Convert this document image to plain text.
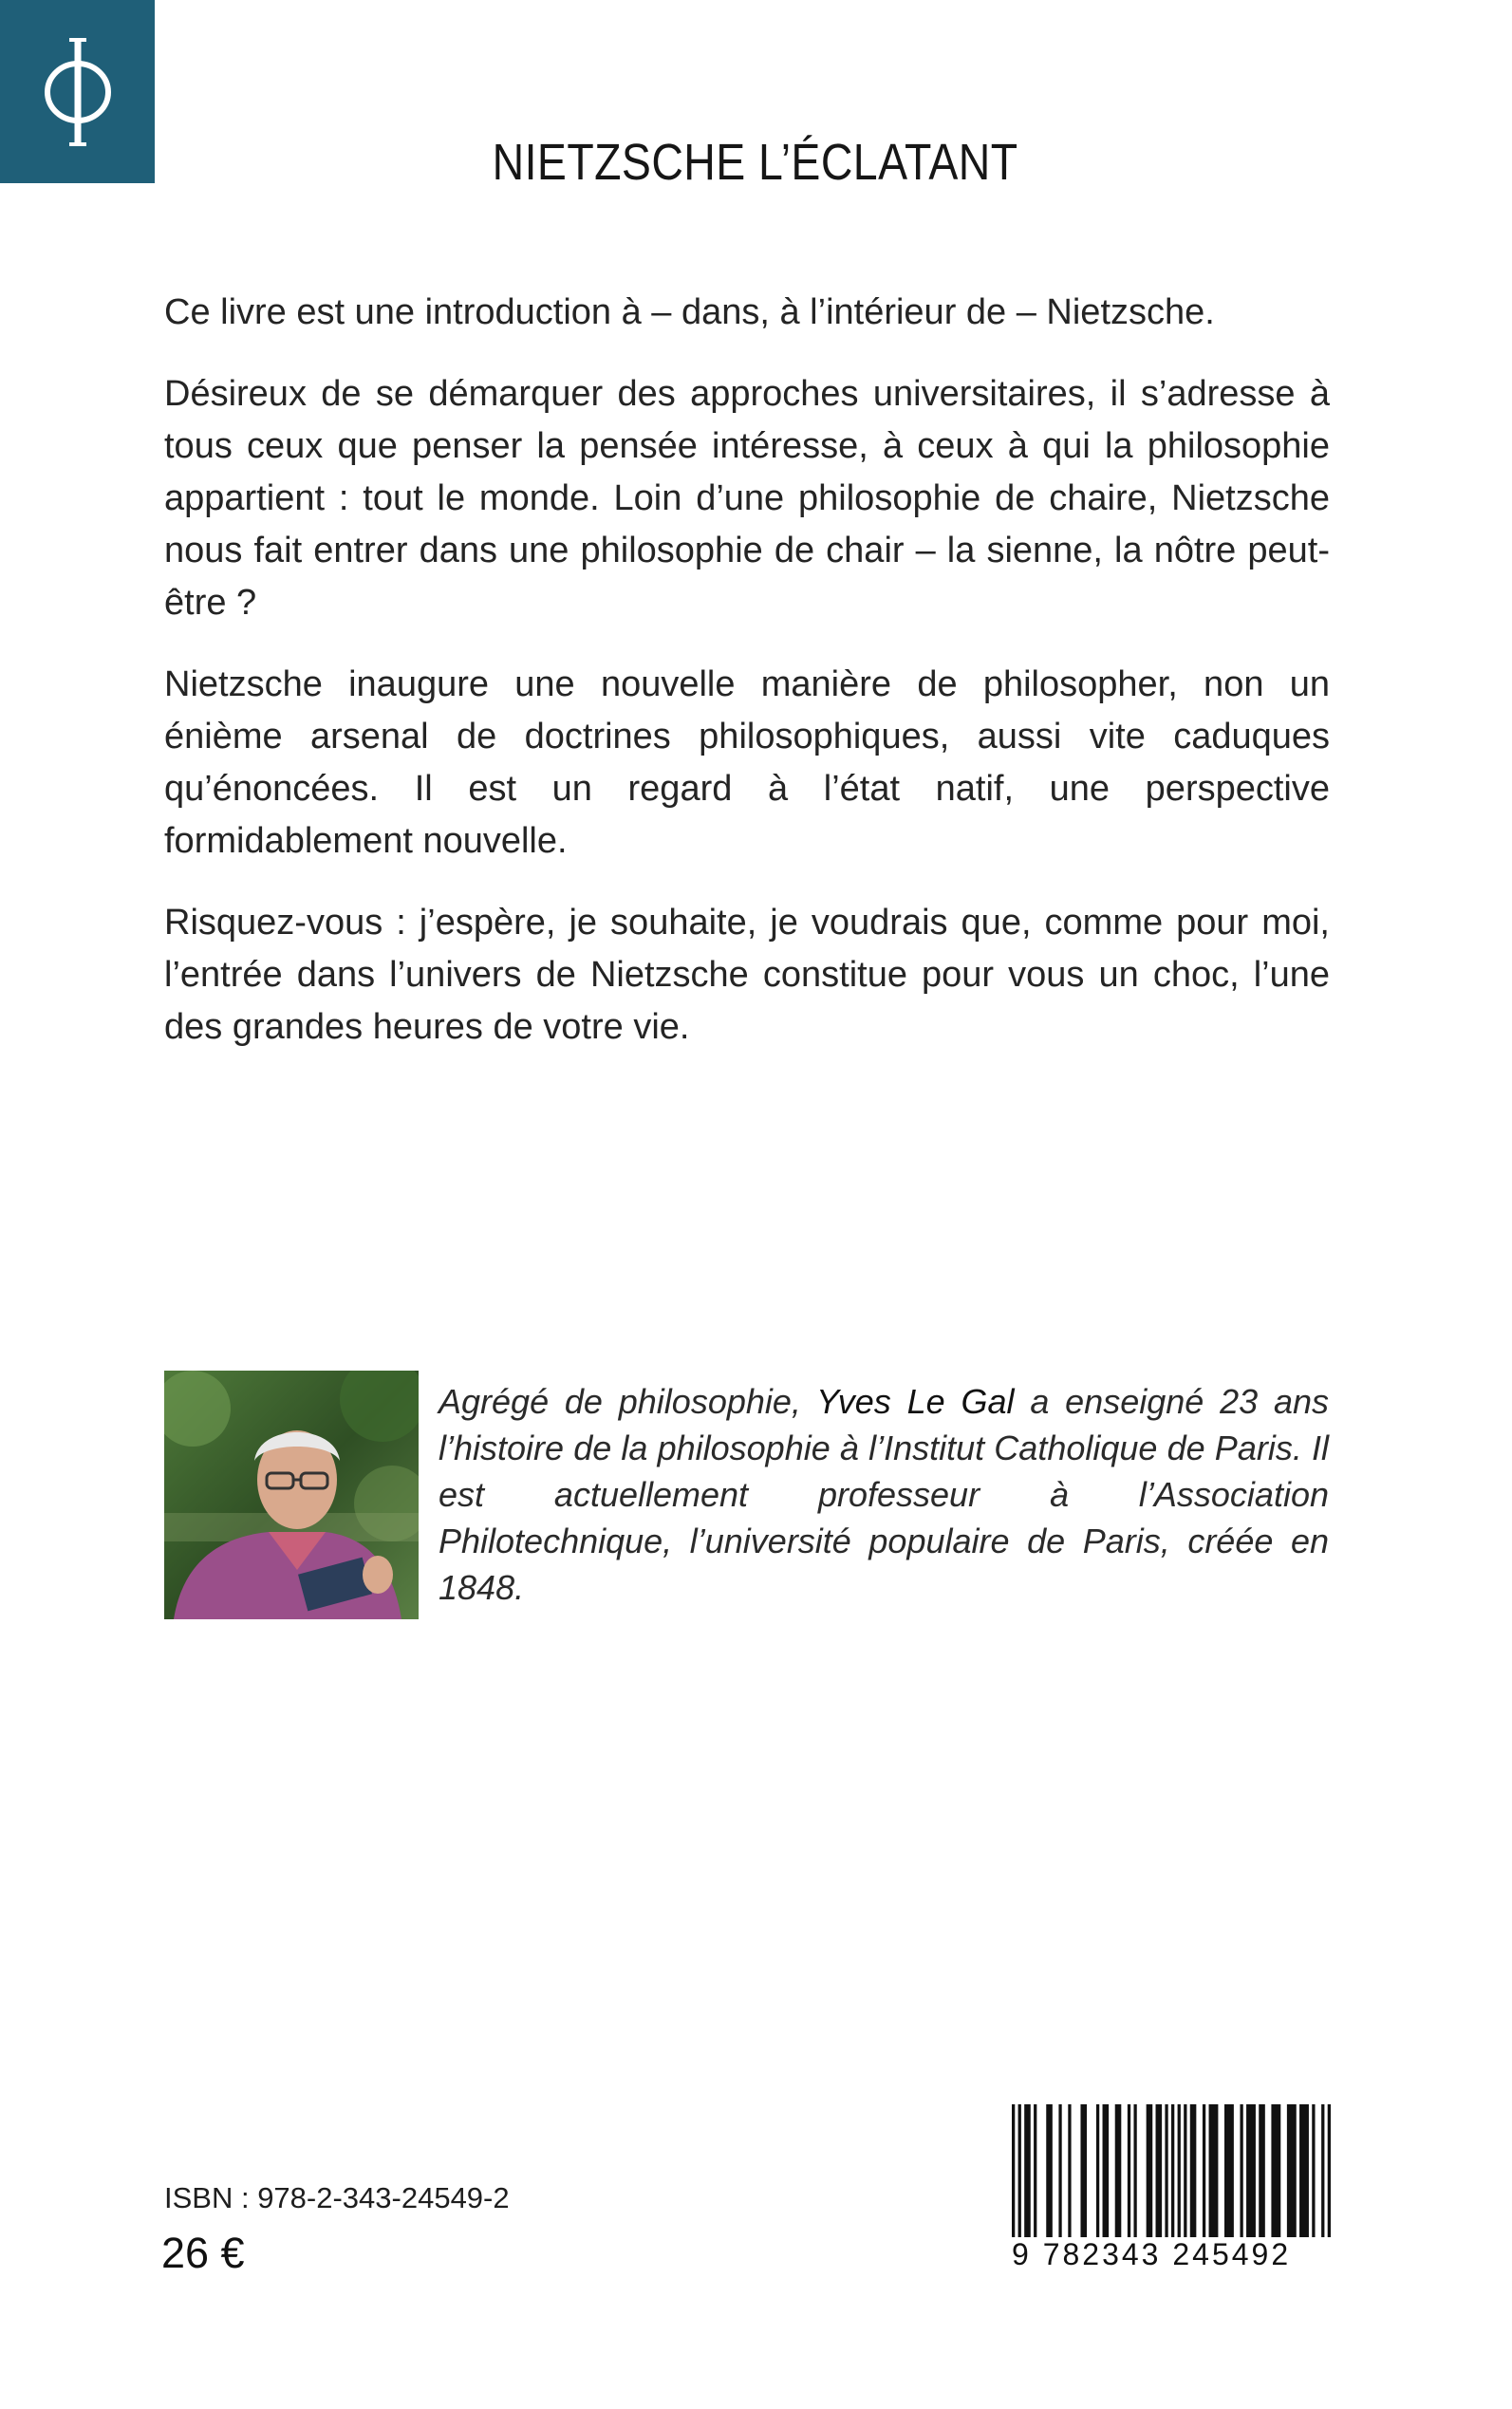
NIETZSCHE L’ÉCLATANT

Ce livre est une introduction à – dans, à l’intérieur de – Nietzsche.

Désireux de se démarquer des approches universitaires, il s’adresse à tous ceux que penser la pensée intéresse, à ceux à qui la philosophie appartient : tout le monde. Loin d’une philosophie de chaire, Nietzsche nous fait entrer dans une philosophie de chair – la sienne, la nôtre peut-être ?

Nietzsche inaugure une nouvelle manière de philosopher, non un énième arsenal de doctrines philosophiques, aussi vite caduques qu’énoncées. Il est un regard à l’état natif, une perspective formidablement nouvelle.

Risquez-vous : j’espère, je souhaite, je voudrais que, comme pour moi, l’entrée dans l’univers de Nietzsche constitue pour vous un choc, l’une des grandes heures de votre vie.

Agrégé de philosophie, Yves Le Gal a enseigné 23 ans l’histoire de la philosophie à l’Institut Catholique de Paris. Il est actuellement professeur à l’Association Philotechnique, l’université populaire de Paris, créée en 1848.

ISBN : 978-2-343-24549-2

26 €	9 782343 245492
